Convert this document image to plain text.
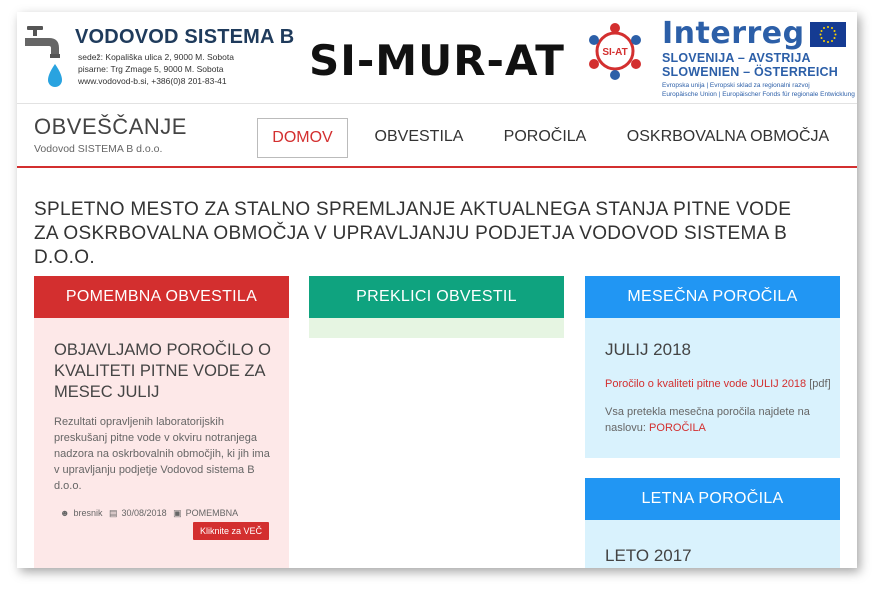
VODOVOD SISTEMA B
sedež: Kopališka ulica 2, 9000 M. Sobota
pisarne: Trg Zmage 5, 9000 M. Sobota
www.vodovod-b.si, +386(0)8 201-83-41 SI-MUR-AT	SI-AT
Interreg
SLOVENIJA – AVSTRIJA
SLOWENIEN – ÖSTERREICH
Evropska unija | Evropski sklad za regionalni razvoj
Europäische Union | Europäischer Fonds für regionale Entwicklung
OBVEŠČANJE
Vodovod SISTEMA B d.o.o.
DOMOV	OBVESTILA	POROČILA	OSKRBOVALNA OBMOČJA
SPLETNO MESTO ZA STALNO SPREMLJANJE AKTUALNEGA STANJA PITNE VODE ZA OSKRBOVALNA OBMOČJA V UPRAVLJANJU PODJETJA VODOVOD SISTEMA B D.O.O.
POMEMBNA OBVESTILA
OBJAVLJAMO POROČILO O KVALITETI PITNE VODE ZA MESEC JULIJ
Rezultati opravljenih laboratorijskih preskušanj pitne vode v okviru notranjega nadzora na oskrbovalnih območjih, ki jih ima v upravljanju podjetje Vodovod sistema B d.o.o.
☻ bresnik ▤ 30/08/2018 ▣ POMEMBNA
Kliknite za VEČ
PREKLICI OBVESTIL	MESEČNA POROČILA
JULIJ 2018
Poročilo o kvaliteti pitne vode JULIJ 2018 [pdf]
Vsa pretekla mesečna poročila najdete na naslovu: POROČILA
LETNA POROČILA
LETO 2017
